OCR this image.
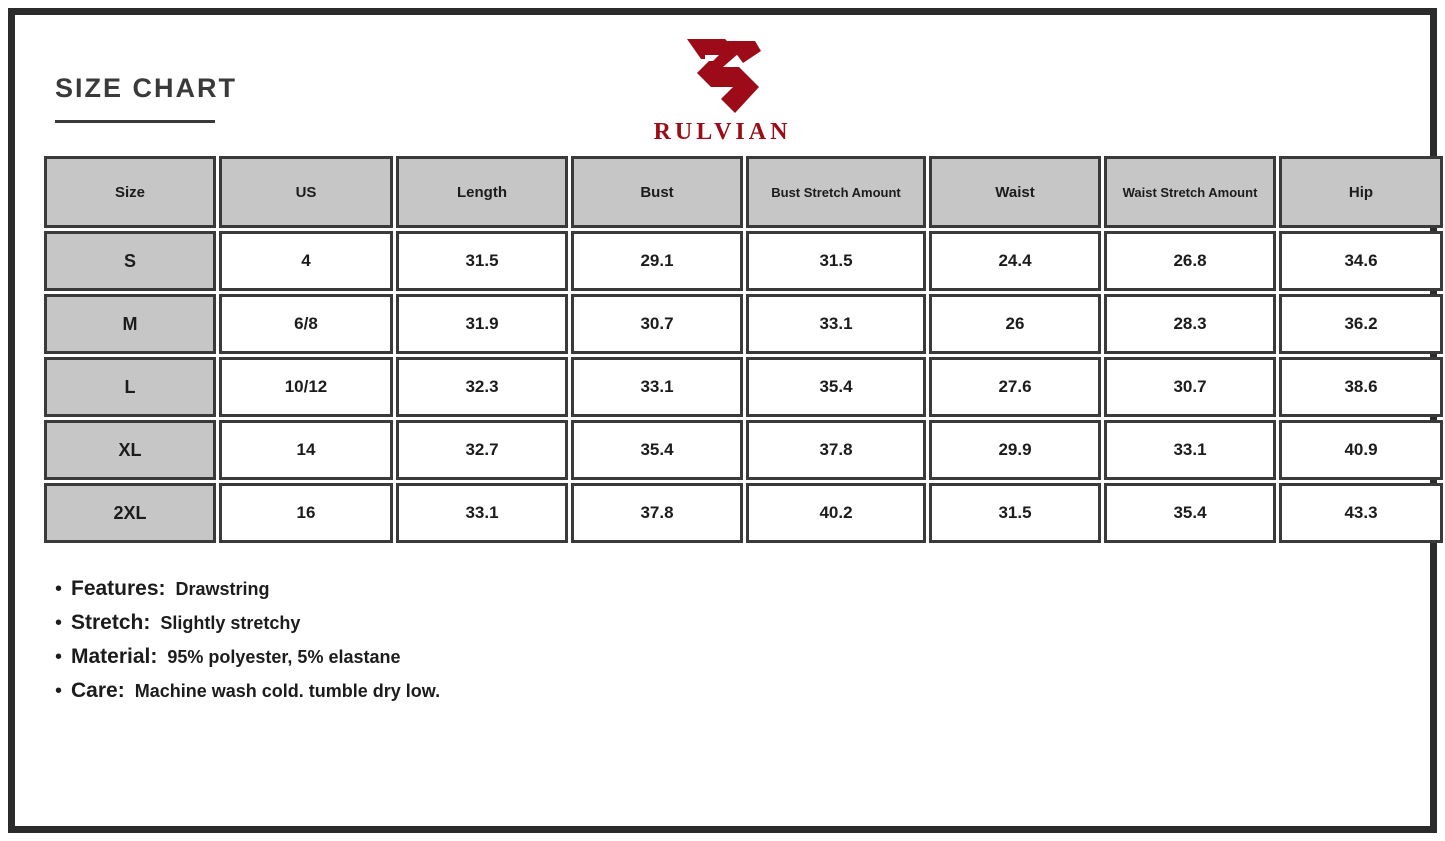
SIZE CHART
RULVIAN
Size	US	Length	Bust	Bust Stretch Amount	Waist	Waist Stretch Amount	Hip
S	4	31.5	29.1	31.5	24.4	26.8	34.6
M	6/8	31.9	30.7	33.1	26	28.3	36.2
L	10/12	32.3	33.1	35.4	27.6	30.7	38.6
XL	14	32.7	35.4	37.8	29.9	33.1	40.9
2XL	16	33.1	37.8	40.2	31.5	35.4	43.3
• Features: Drawstring
• Stretch: Slightly stretchy
• Material: 95% polyester, 5% elastane
• Care: Machine wash cold. tumble dry low.
